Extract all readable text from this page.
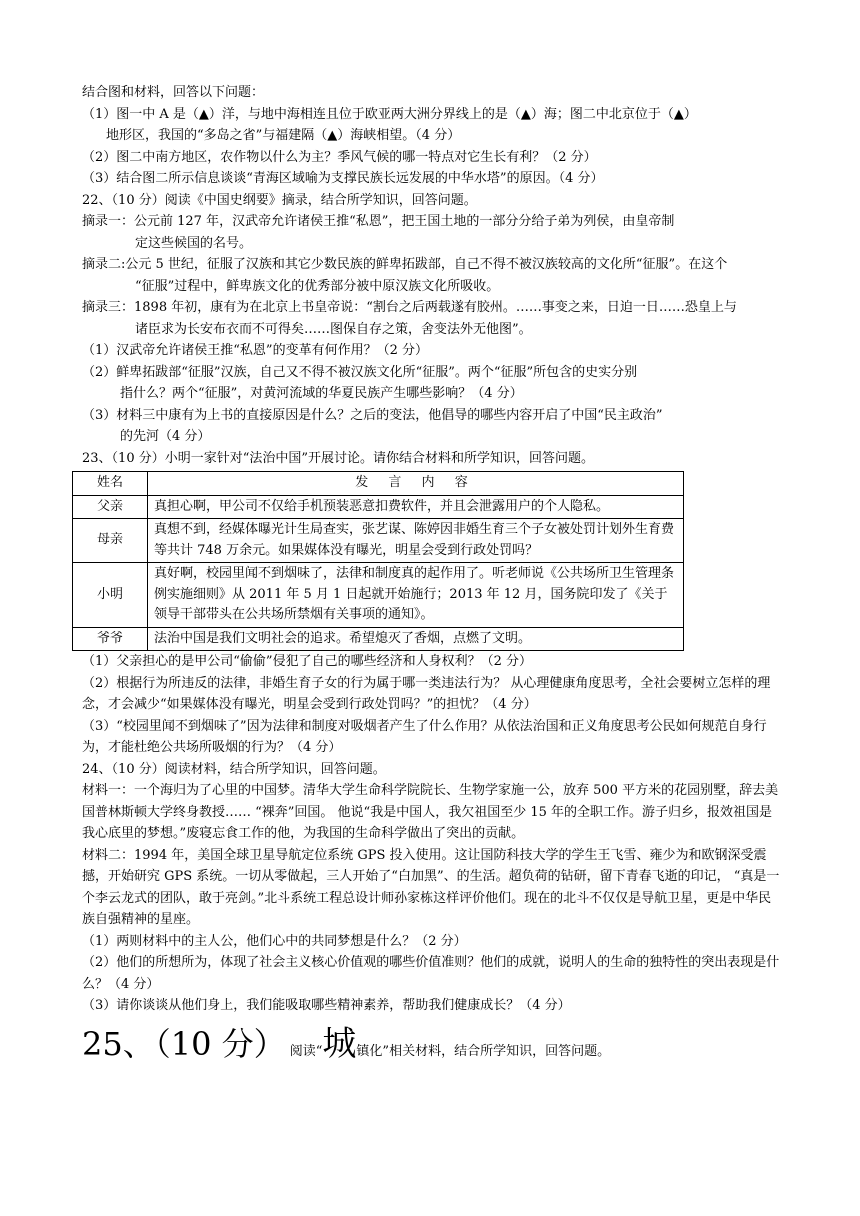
结合图和材料，回答以下问题：
（1）图一中 A 是（▲）洋，与地中海相连且位于欧亚两大洲分界线上的是（▲）海；图二中北京位于（▲）
地形区，我国的“多岛之省”与福建隔（▲）海峡相望。（4 分）
（2）图二中南方地区，农作物以什么为主？季风气候的哪一特点对它生长有利？（2 分）
（3）结合图二所示信息谈谈“青海区域喻为支撑民族长远发展的中华水塔”的原因。（4 分）
22、（10 分）阅读《中国史纲要》摘录，结合所学知识，回答问题。
摘录一：公元前 127 年，汉武帝允许诸侯王推“私恩”，把王国土地的一部分分给子弟为列侯，由皇帝制
定这些候国的名号。
摘录二:公元 5 世纪，征服了汉族和其它少数民族的鲜卑拓跋部，自己不得不被汉族较高的文化所“征服”。在这个
“征服”过程中，鲜卑族文化的优秀部分被中原汉族文化所吸收。
摘录三：1898 年初，康有为在北京上书皇帝说：“割台之后两载遂有胶州。……事变之来，日迫一日……恐皇上与
诸臣求为长安布衣而不可得矣……图保自存之策，舍变法外无他图”。
（1）汉武帝允许诸侯王推“私恩”的变革有何作用？（2 分）
（2）鲜卑拓跋部“征服”汉族，自己又不得不被汉族文化所“征服”。两个“征服”所包含的史实分别
指什么？两个“征服”，对黄河流域的华夏民族产生哪些影响？（4 分）
（3）材料三中康有为上书的直接原因是什么？之后的变法，他倡导的哪些内容开启了中国“民主政治”
的先河（4 分）
23、（10 分）小明一家针对“法治中国”开展讨论。请你结合材料和所学知识，回答问题。
姓名	发 言 内 容
父亲	真担心啊，甲公司不仅给手机预装恶意扣费软件，并且会泄露用户的个人隐私。
母亲	真想不到，经媒体曝光计生局查实，张艺谋、陈婷因非婚生育三个子女被处罚计划外生育费等共计 748 万余元。如果媒体没有曝光，明星会受到行政处罚吗？
小明	真好啊，校园里闻不到烟味了，法律和制度真的起作用了。听老师说《公共场所卫生管理条例实施细则》从 2011 年 5 月 1 日起就开始施行；2013 年 12 月，国务院印发了《关于领导干部带头在公共场所禁烟有关事项的通知》。
爷爷	法治中国是我们文明社会的追求。希望熄灭了香烟，点燃了文明。
（1）父亲担心的是甲公司“偷偷”侵犯了自己的哪些经济和人身权利？（2 分）
（2）根据行为所违反的法律，非婚生育子女的行为属于哪一类违法行为？ 从心理健康角度思考，全社会要树立怎样的理念，才会减少“如果媒体没有曝光，明星会受到行政处罚吗？”的担忧？（4 分）
（3）“校园里闻不到烟味了”因为法律和制度对吸烟者产生了什么作用？从依法治国和正义角度思考公民如何规范自身行为，才能杜绝公共场所吸烟的行为？（4 分）
24、（10 分）阅读材料，结合所学知识，回答问题。
材料一：一个海归为了心里的中国梦。清华大学生命科学院院长、生物学家施一公，放弃 500 平方米的花园别墅，辞去美国普林斯顿大学终身教授…… “裸奔”回国。 他说“我是中国人，我欠祖国至少 15 年的全职工作。游子归乡，报效祖国是我心底里的梦想。”废寝忘食工作的他，为我国的生命科学做出了突出的贡献。
材料二：1994 年，美国全球卫星导航定位系统 GPS 投入使用。这让国防科技大学的学生王飞雪、雍少为和欧钢深受震撼，开始研究 GPS 系统。一切从零做起，三人开始了“白加黑”、的生活。超负荷的钻研，留下青春飞逝的印记， “真是一个李云龙式的团队，敢于亮剑。”北斗系统工程总设计师孙家栋这样评价他们。现在的北斗不仅仅是导航卫星，更是中华民族自强精神的星座。
（1）两则材料中的主人公，他们心中的共同梦想是什么？（2 分）
（2）他们的所想所为，体现了社会主义核心价值观的哪些价值准则？他们的成就，说明人的生命的独特性的突出表现是什么？（4 分）
（3）请你谈谈从他们身上，我们能吸取哪些精神素养，帮助我们健康成长？（4 分）
25、（10 分） 阅读“城镇化”相关材料，结合所学知识，回答问题。
